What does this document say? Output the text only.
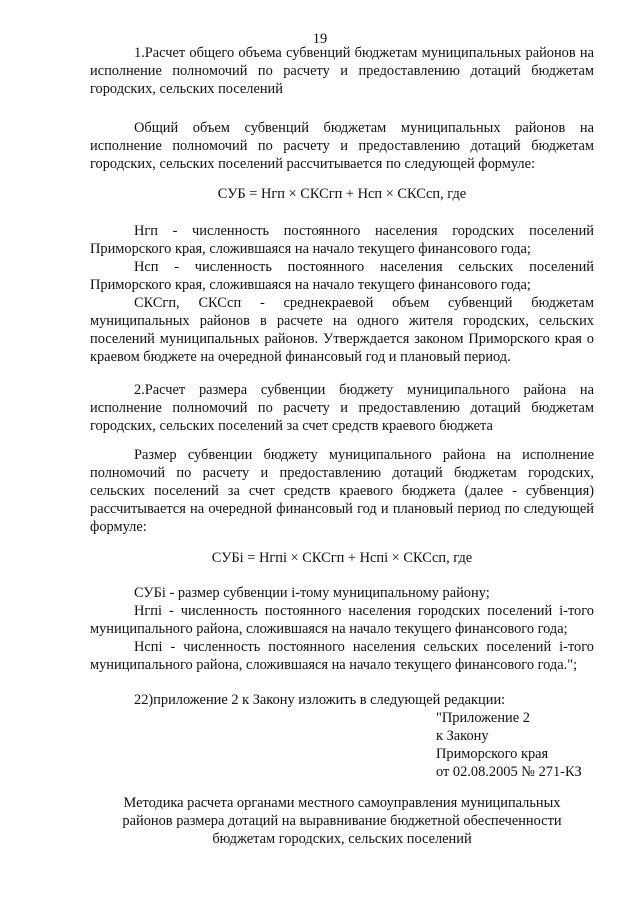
19

1.Расчет общего объема субвенций бюджетам муниципальных районов на исполнение полномочий по расчету и предоставлению дотаций бюджетам городских, сельских поселений

Общий объем субвенций бюджетам муниципальных районов на исполнение полномочий по расчету и предоставлению дотаций бюджетам городских, сельских поселений рассчитывается по следующей формуле:

СУБ = Нгп × СКСгп + Нсп × СКСсп, где

Нгп - численность постоянного населения городских поселений Приморского края, сложившаяся на начало текущего финансового года;

Нсп - численность постоянного населения сельских поселений Приморского края, сложившаяся на начало текущего финансового года;

СКСгп, СКСсп - среднекраевой объем субвенций бюджетам муниципальных районов в расчете на одного жителя городских, сельских поселений муниципальных районов. Утверждается законом Приморского края о краевом бюджете на очередной финансовый год и плановый период.

2.Расчет размера субвенции бюджету муниципального района на исполнение полномочий по расчету и предоставлению дотаций бюджетам городских, сельских поселений за счет средств краевого бюджета

Размер субвенции бюджету муниципального района на исполнение полномочий по расчету и предоставлению дотаций бюджетам городских, сельских поселений за счет средств краевого бюджета (далее - субвенция) рассчитывается на очередной финансовый год и плановый период по следующей формуле:

СУБi = Нгпi × СКСгп + Нспi × СКСсп, где

СУБi - размер субвенции i-тому муниципальному району;

Нгпi - численность постоянного населения городских поселений i-того муниципального района, сложившаяся на начало текущего финансового года;

Нспi - численность постоянного населения сельских поселений i-того муниципального района, сложившаяся на начало текущего финансового года.";

22)приложение 2 к Закону изложить в следующей редакции:

"Приложение 2
к Закону
Приморского края
от 02.08.2005 № 271-КЗ
Методика расчета органами местного самоуправления муниципальных
районов размера дотаций на выравнивание бюджетной обеспеченности
бюджетам городских, сельских поселений
